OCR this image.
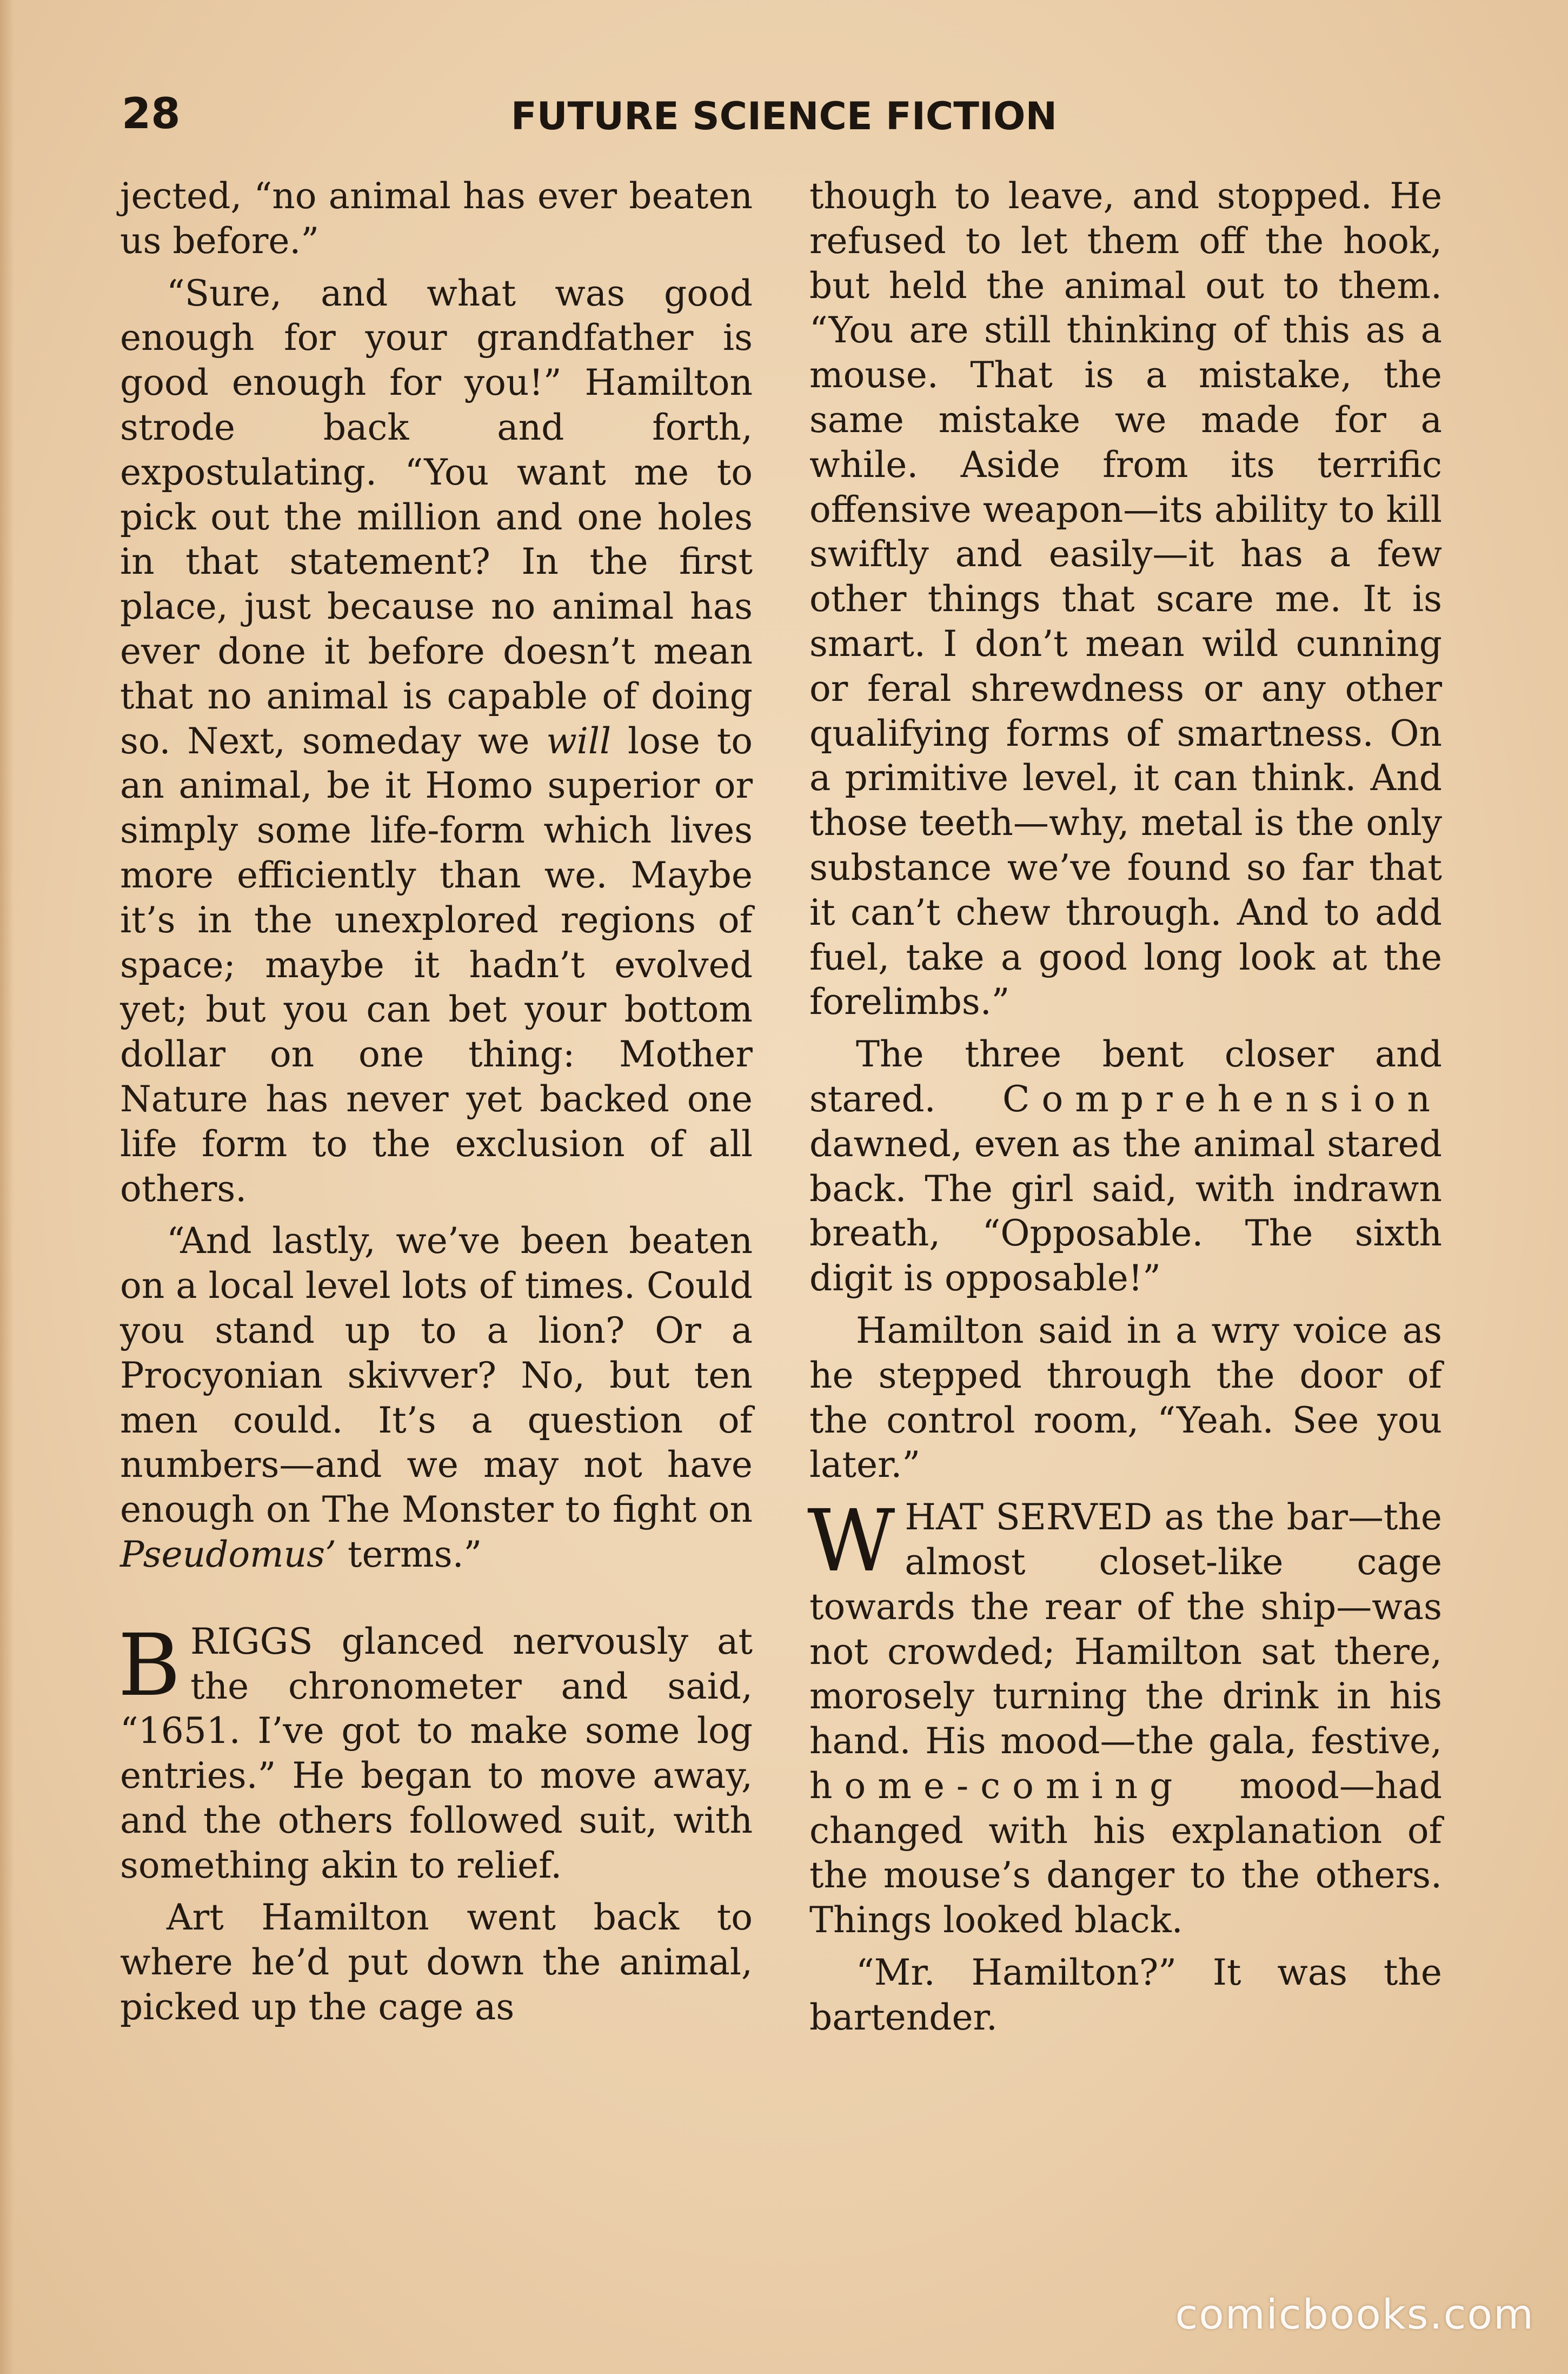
28	FUTURE SCIENCE FICTION
jected, “no animal has ever beaten us before.”
“Sure, and what was good enough for your grandfather is good enough for you!” Hamilton strode back and forth, expostulating. “You want me to pick out the million and one holes in that statement? In the first place, just because no animal has ever done it before doesn’t mean that no animal is capable of doing so. Next, someday we will lose to an animal, be it Homo superior or simply some life-form which lives more efficiently than we. Maybe it’s in the unexplored regions of space; maybe it hadn’t evolved yet; but you can bet your bottom dollar on one thing: Mother Nature has never yet backed one life form to the exclusion of all others.
“And lastly, we’ve been beaten on a local level lots of times. Could you stand up to a lion? Or a Procyonian skivver? No, but ten men could. It’s a question of numbers—and we may not have enough on The Monster to fight on Pseudomus’ terms.”
BRIGGS glanced nervously at the chronometer and said, “1651. I’ve got to make some log entries.” He began to move away, and the others followed suit, with something akin to relief.
Art Hamilton went back to where he’d put down the animal, picked up the cage as
though to leave, and stopped. He refused to let them off the hook, but held the animal out to them. “You are still thinking of this as a mouse. That is a mistake, the same mistake we made for a while. Aside from its terrific offensive weapon—its ability to kill swiftly and easily—it has a few other things that scare me. It is smart. I don’t mean wild cunning or feral shrewdness or any other qualifying forms of smartness. On a primitive level, it can think. And those teeth—why, metal is the only substance we’ve found so far that it can’t chew through. And to add fuel, take a good long look at the forelimbs.”
The three bent closer and stared. Comprehension dawned, even as the animal stared back. The girl said, with indrawn breath, “Opposable. The sixth digit is opposable!”
Hamilton said in a wry voice as he stepped through the door of the control room, “Yeah. See you later.”
WHAT SERVED as the bar—the almost closet-like cage towards the rear of the ship—was not crowded; Hamilton sat there, morosely turning the drink in his hand. His mood—the gala, festive, home-coming mood—had changed with his explanation of the mouse’s danger to the others. Things looked black.
“Mr. Hamilton?” It was the bartender.
comicbooks.com
